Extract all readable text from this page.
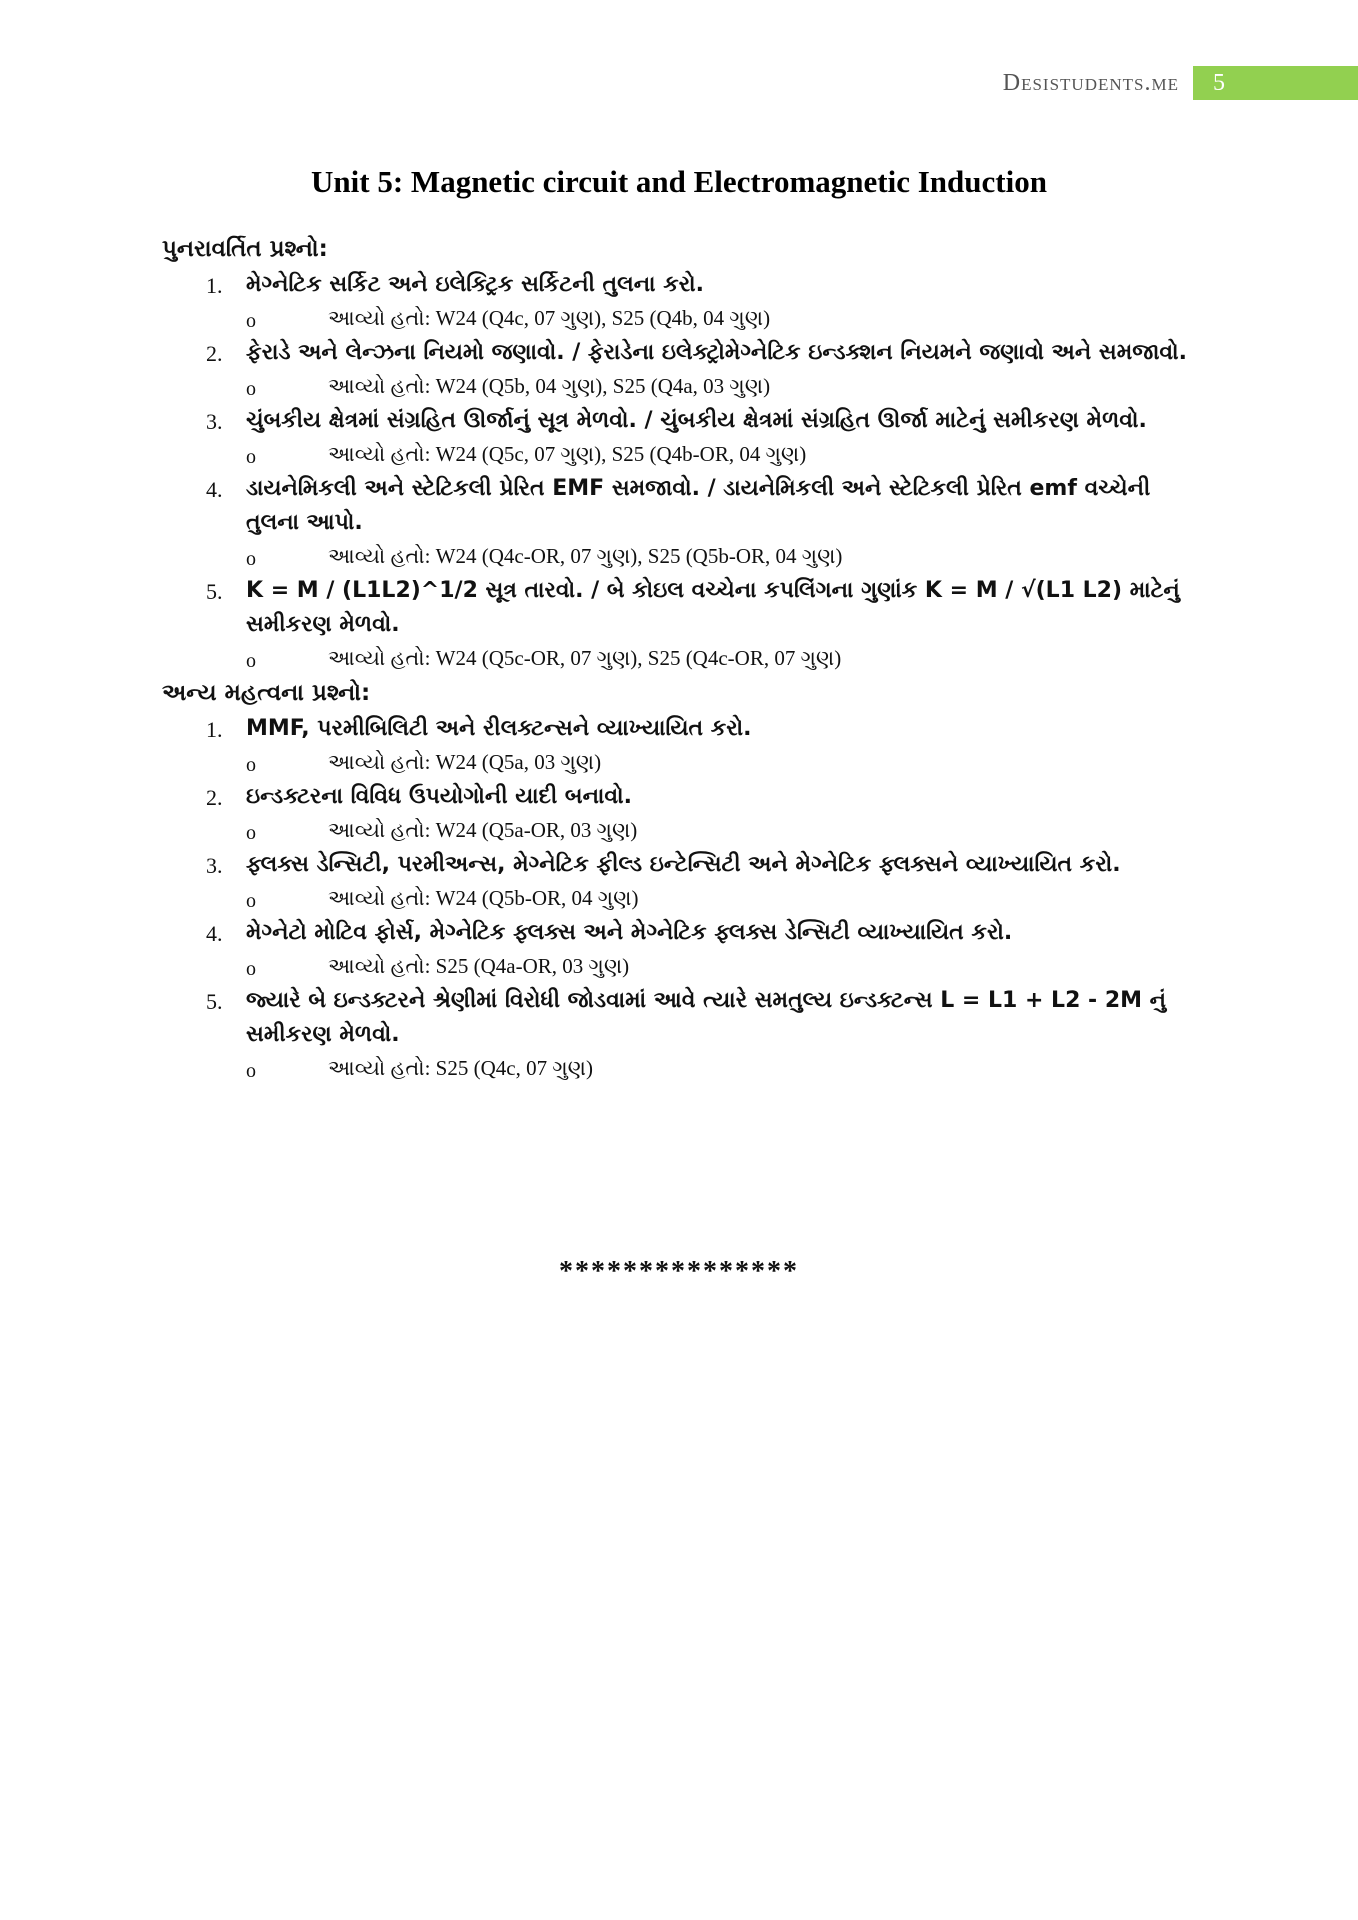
Desistudents.me	5
Unit 5: Magnetic circuit and Electromagnetic Induction
પુનરાવર્તિત પ્રશ્નો:
1. મેગ્નેટિક સર્કિટ અને ઇલેક્ટ્રિક સર્કિટની તુલના કરો.
o	આવ્યો હતો: W24 (Q4c, 07 ગુણ), S25 (Q4b, 04 ગુણ)
2. ફેરાડે અને લેન્ઝના નિયમો જણાવો. / ફેરાડેના ઇલેક્ટ્રોમેગ્નેટિક ઇન્ડક્શન નિયમને જણાવો અને સમજાવો.
o	આવ્યો હતો: W24 (Q5b, 04 ગુણ), S25 (Q4a, 03 ગુણ)
3. ચુંબકીય ક્ષેત્રમાં સંગ્રહિત ઊર્જાનું સૂત્ર મેળવો. / ચુંબકીય ક્ષેત્રમાં સંગ્રહિત ઊર્જા માટેનું સમીકરણ મેળવો.
o	આવ્યો હતો: W24 (Q5c, 07 ગુણ), S25 (Q4b-OR, 04 ગુણ)
4. ડાયનેમિકલી અને સ્ટેટિકલી પ્રેરિત EMF સમજાવો. / ડાયનેમિકલી અને સ્ટેટિકલી પ્રેરિત emf વચ્ચેની તુલના આપો.
o	આવ્યો હતો: W24 (Q4c-OR, 07 ગુણ), S25 (Q5b-OR, 04 ગુણ)
5. K = M / (L1L2)^1/2 સૂત્ર તારવો. / બે કોઇલ વચ્ચેના કપલિંગના ગુણાંક K = M / √(L1 L2) માટેનું સમીકરણ મેળવો.
o	આવ્યો હતો: W24 (Q5c-OR, 07 ગુણ), S25 (Q4c-OR, 07 ગુણ)
અન્ય મહત્વના પ્રશ્નો:
1. MMF, પરમીબિલિટી અને રીલક્ટન્સને વ્યાખ્યાયિત કરો.
o	આવ્યો હતો: W24 (Q5a, 03 ગુણ)
2. ઇન્ડક્ટરના વિવિધ ઉપયોગોની યાદી બનાવો.
o	આવ્યો હતો: W24 (Q5a-OR, 03 ગુણ)
3. ફ્લક્સ ડેન્સિટી, પરમીઅન્સ, મેગ્નેટિક ફીલ્ડ ઇન્ટેન્સિટી અને મેગ્નેટિક ફ્લક્સને વ્યાખ્યાયિત કરો.
o	આવ્યો હતો: W24 (Q5b-OR, 04 ગુણ)
4. મેગ્નેટો મોટિવ ફોર્સ, મેગ્નેટિક ફ્લક્સ અને મેગ્નેટિક ફ્લક્સ ડેન્સિટી વ્યાખ્યાયિત કરો.
o	આવ્યો હતો: S25 (Q4a-OR, 03 ગુણ)
5. જ્યારે બે ઇન્ડક્ટરને શ્રેણીમાં વિરોધી જોડવામાં આવે ત્યારે સમતુલ્ય ઇન્ડક્ટન્સ L = L1 + L2 - 2M નું સમીકરણ મેળવો.
o	આવ્યો હતો: S25 (Q4c, 07 ગુણ)
***************
